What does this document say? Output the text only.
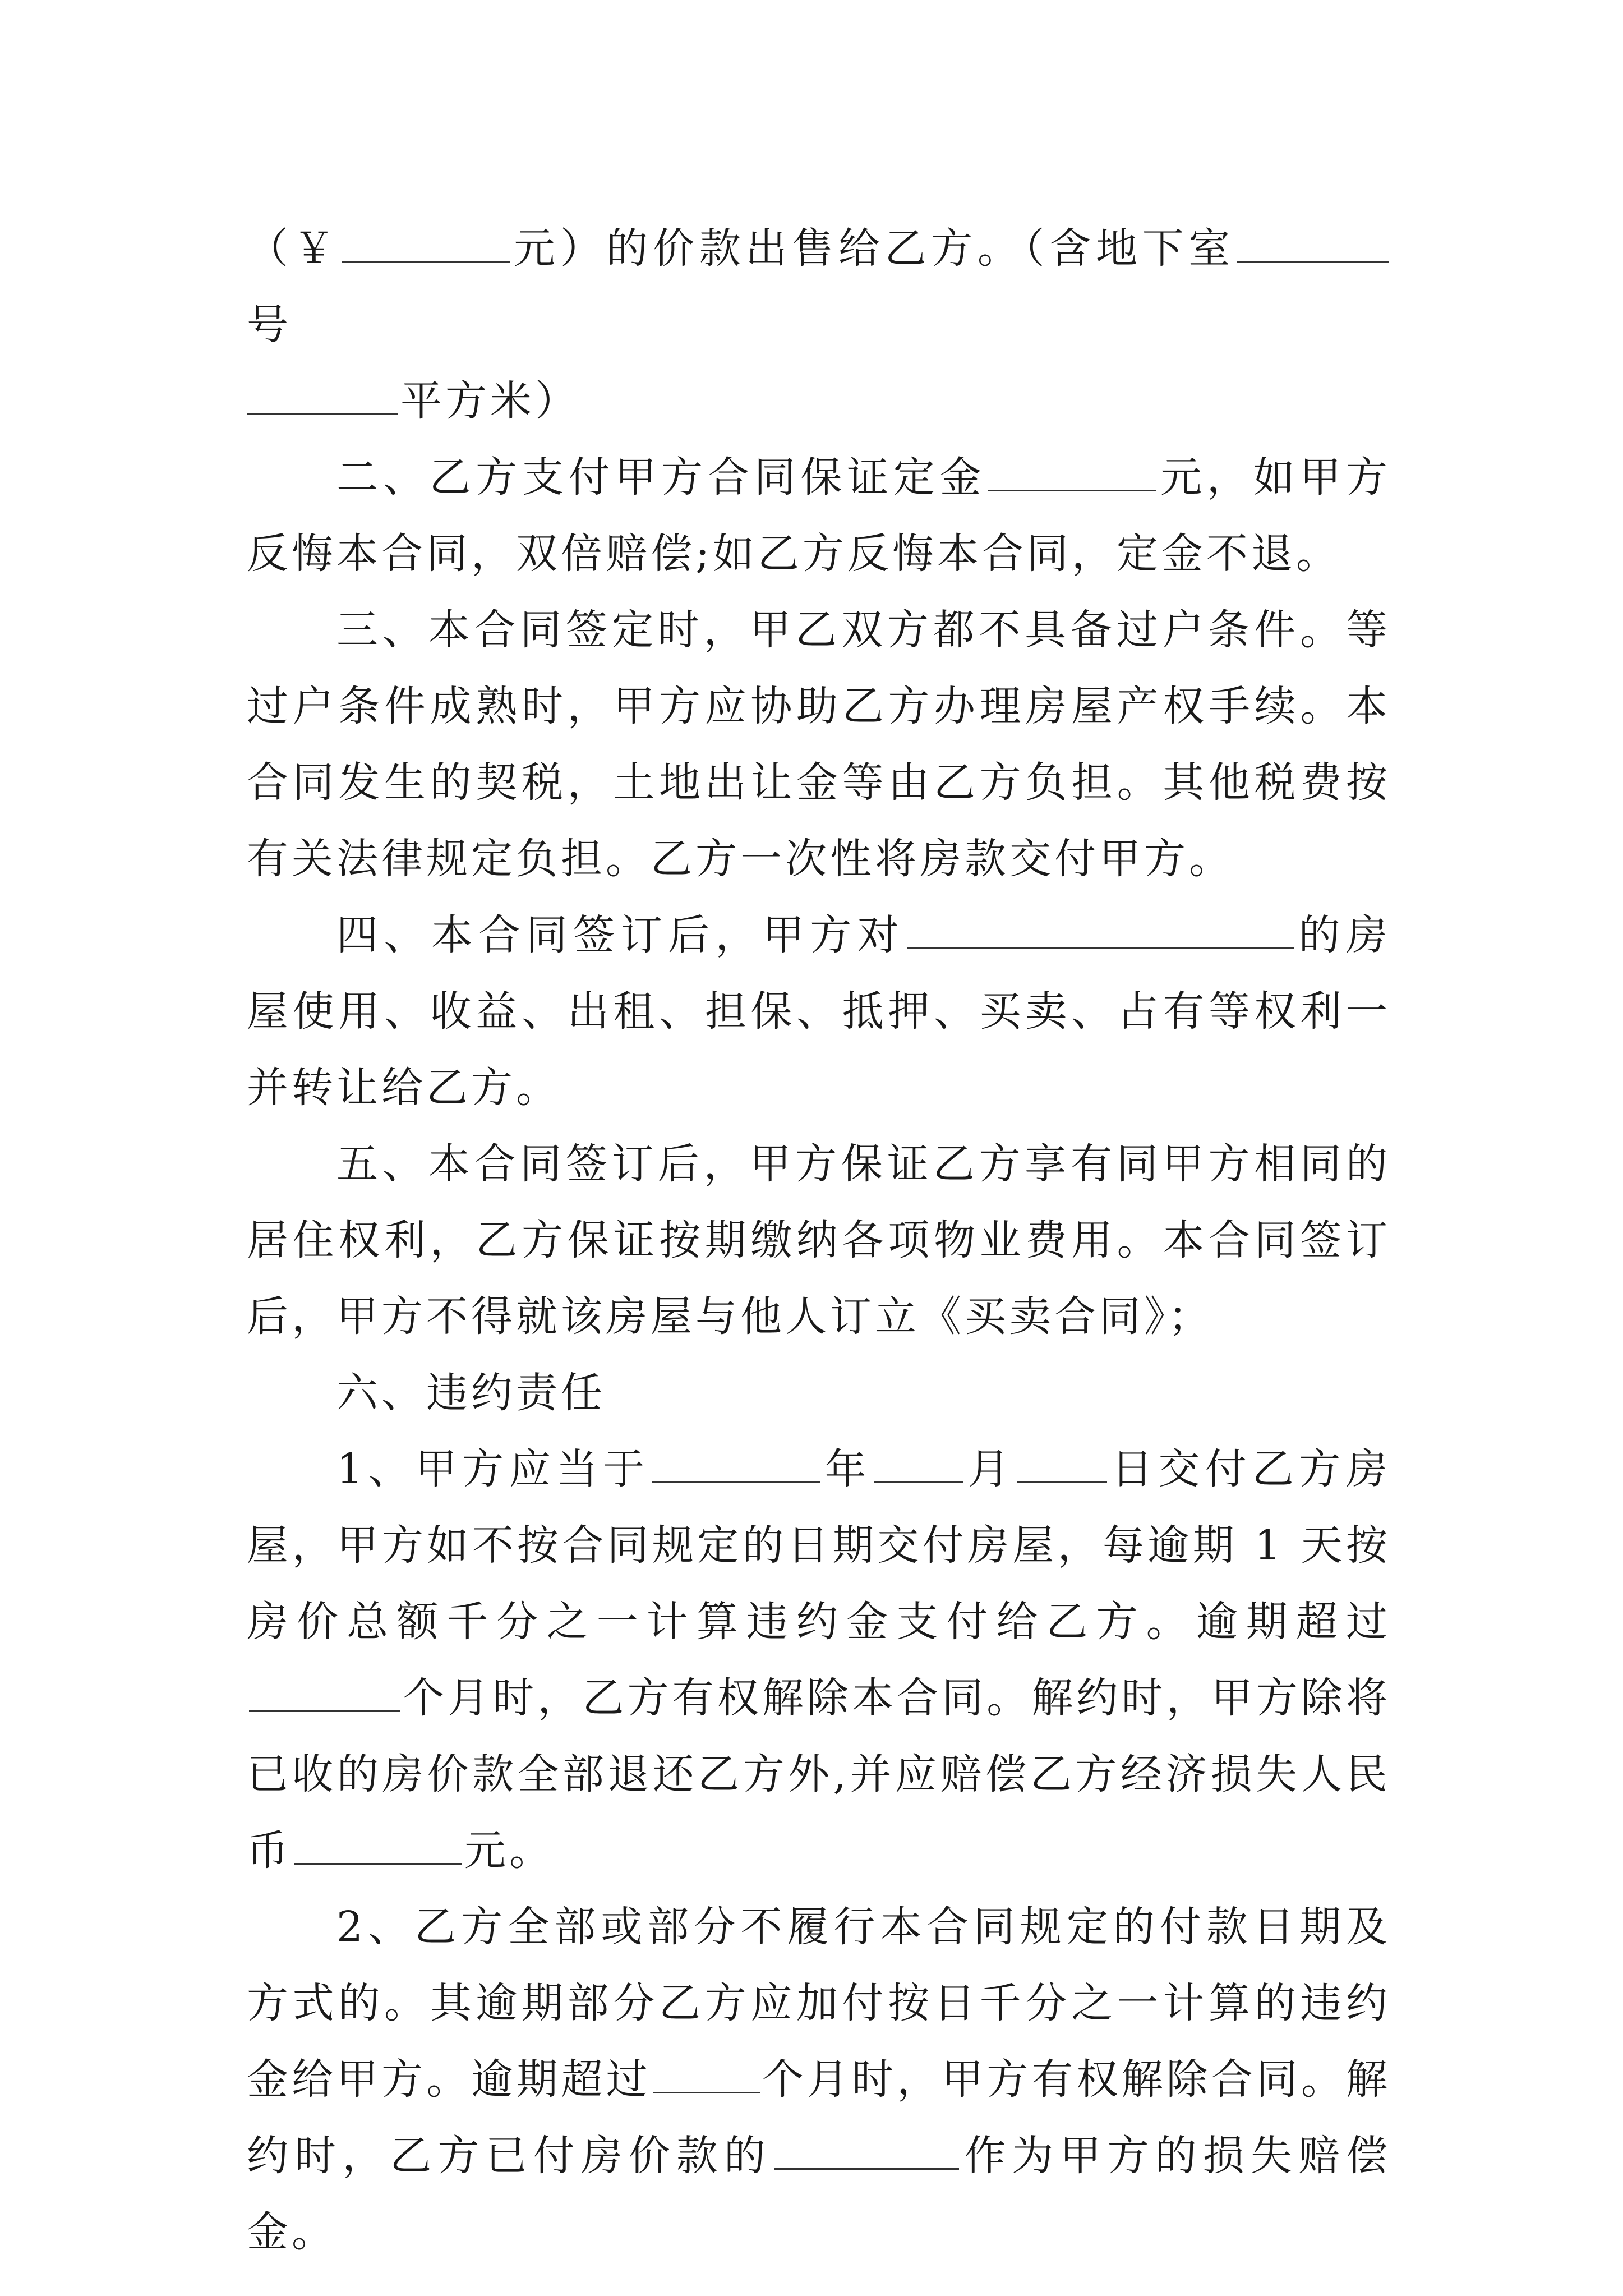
（￥	元）的价款出售给乙方。（含地下室号
平方米）

二、乙方支付甲方合同保证定金	元，如甲方反悔本合同，双倍赔偿;如乙方反悔本合同，定金不退。

三、本合同签定时，甲乙双方都不具备过户条件。等过户条件成熟时，甲方应协助乙方办理房屋产权手续。本合同发生的契税，土地出让金等由乙方负担。其他税费按有关法律规定负担。乙方一次性将房款交付甲方。

四、本合同签订后，甲方对	的房屋使用、收益、出租、担保、抵押、买卖、占有等权利一并转让给乙方。

五、本合同签订后，甲方保证乙方享有同甲方相同的居住权利，乙方保证按期缴纳各项物业费用。本合同签订后，甲方不得就该房屋与他人订立《买卖合同》；

六、违约责任

1、甲方应当于	年 月 日交付乙方房屋，甲方如不按合同规定的日期交付房屋，每逾期 1 天按房价总额千分之一计算违约金支付给乙方。逾期超过个月时，乙方有权解除本合同。解约时，甲方除将已收的房价款全部退还乙方外,并应赔偿乙方经济损失人民币	元。

2、乙方全部或部分不履行本合同规定的付款日期及方式的。其逾期部分乙方应加付按日千分之一计算的违约金给甲方。逾期超过	个月时，甲方有权解除合同。解约时，乙方已付房价款的	作为甲方的损失赔偿金。
